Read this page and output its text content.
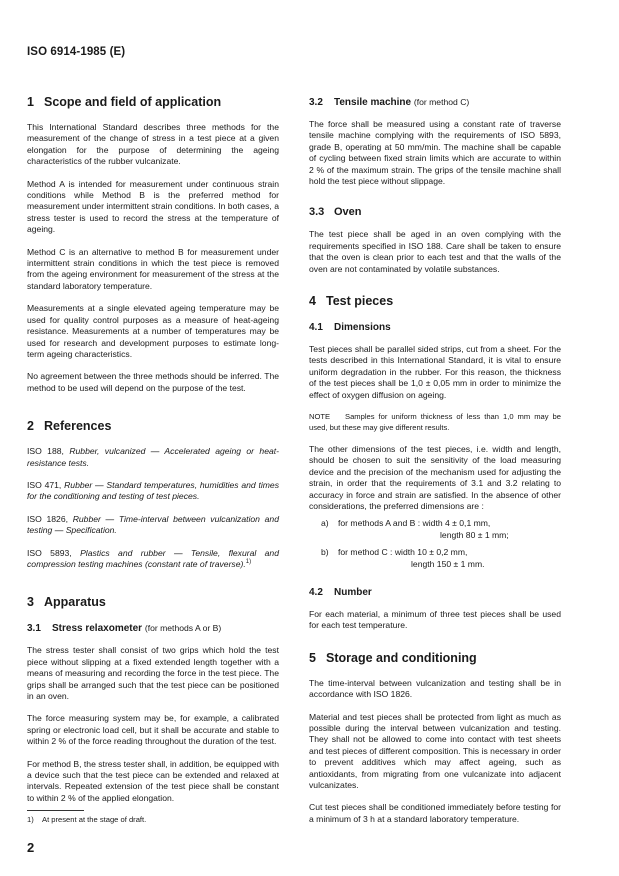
ISO 6914-1985 (E)
1 Scope and field of application

This International Standard describes three methods for the measurement of the change of stress in a test piece at a given elongation for the purpose of determining the ageing characteristics of the rubber vulcanizate.

Method A is intended for measurement under continuous strain conditions while Method B is the preferred method for measurement under intermittent strain conditions. In both cases, a stress tester is used to record the stress at the temperature of ageing.

Method C is an alternative to method B for measurement under intermittent strain conditions in which the test piece is removed from the ageing environment for measurement of the stress at the standard laboratory temperature.

Measurements at a single elevated ageing temperature may be used for quality control purposes as a measure of heat-ageing resistance. Measurements at a number of temperatures may be used for research and development purposes to estimate long-term ageing characteristics.

No agreement between the three methods should be inferred. The method to be used will depend on the purpose of the test.

2 References

ISO 188, Rubber, vulcanized — Accelerated ageing or heat-resistance tests.

ISO 471, Rubber — Standard temperatures, humidities and times for the conditioning and testing of test pieces.

ISO 1826, Rubber — Time-interval between vulcanization and testing — Specification.

ISO 5893, Plastics and rubber — Tensile, flexural and compression testing machines (constant rate of traverse).$^{1)}$

3 Apparatus
3.1 Stress relaxometer (for methods A or B)

The stress tester shall consist of two grips which hold the test piece without slipping at a fixed extended length together with a means of measuring and recording the force in the test piece. The grips shall be arranged such that the test piece can be positioned in an oven.

The force measuring system may be, for example, a calibrated spring or electronic load cell, but it shall be accurate and stable to within 2 % of the force reading throughout the duration of the test.

For method B, the stress tester shall, in addition, be equipped with a device such that the test piece can be extended and relaxed at intervals. Repeated extension of the test piece shall be constant to within 2 % of the applied elongation.

3.2 Tensile machine (for method C)

The force shall be measured using a constant rate of traverse tensile machine complying with the requirements of ISO 5893, grade B, operating at 50 mm/min. The machine shall be capable of cycling between fixed strain limits which are accurate to within 2 % of the maximum strain. The grips of the tensile machine shall hold the test piece without slippage.

3.3 Oven

The test piece shall be aged in an oven complying with the requirements specified in ISO 188. Care shall be taken to ensure that the oven is clean prior to each test and that the walls of the oven are not contaminated by volatile substances.

4 Test pieces
4.1 Dimensions

Test pieces shall be parallel sided strips, cut from a sheet. For the tests described in this International Standard, it is vital to ensure uniform degradation in the rubber. For this reason, the thickness of the test pieces shall be 1,0 ± 0,05 mm in order to minimize the effect of oxygen diffusion on ageing.

NOTE Samples for uniform thickness of less than 1,0 mm may be used, but these may give different results.

The other dimensions of the test pieces, i.e. width and length, should be chosen to suit the sensitivity of the load measuring device and the precision of the mechanism used for adjusting the strain, in order that the requirements of 3.1 and 3.2 relating to accuracy in force and strain are satisfied. In the absence of other considerations, the preferred dimensions are :

a)	for methods A and B : width 4 ± 0,1 mm,
length 80 ± 1 mm;
b)	for method C : width 10 ± 0,2 mm,
length 150 ± 1 mm.
4.2 Number

For each material, a minimum of three test pieces shall be used for each test temperature.

5 Storage and conditioning

The time-interval between vulcanization and testing shall be in accordance with ISO 1826.

Material and test pieces shall be protected from light as much as possible during the interval between vulcanization and testing. They shall not be allowed to come into contact with test sheets and test pieces of different composition. This is necessary in order to prevent additives which may affect ageing, such as antioxidants, from migrating from one vulcanizate into adjacent vulcanizates.

Cut test pieces shall be conditioned immediately before testing for a minimum of 3 h at a standard laboratory temperature.

1) At present at the stage of draft.
2
